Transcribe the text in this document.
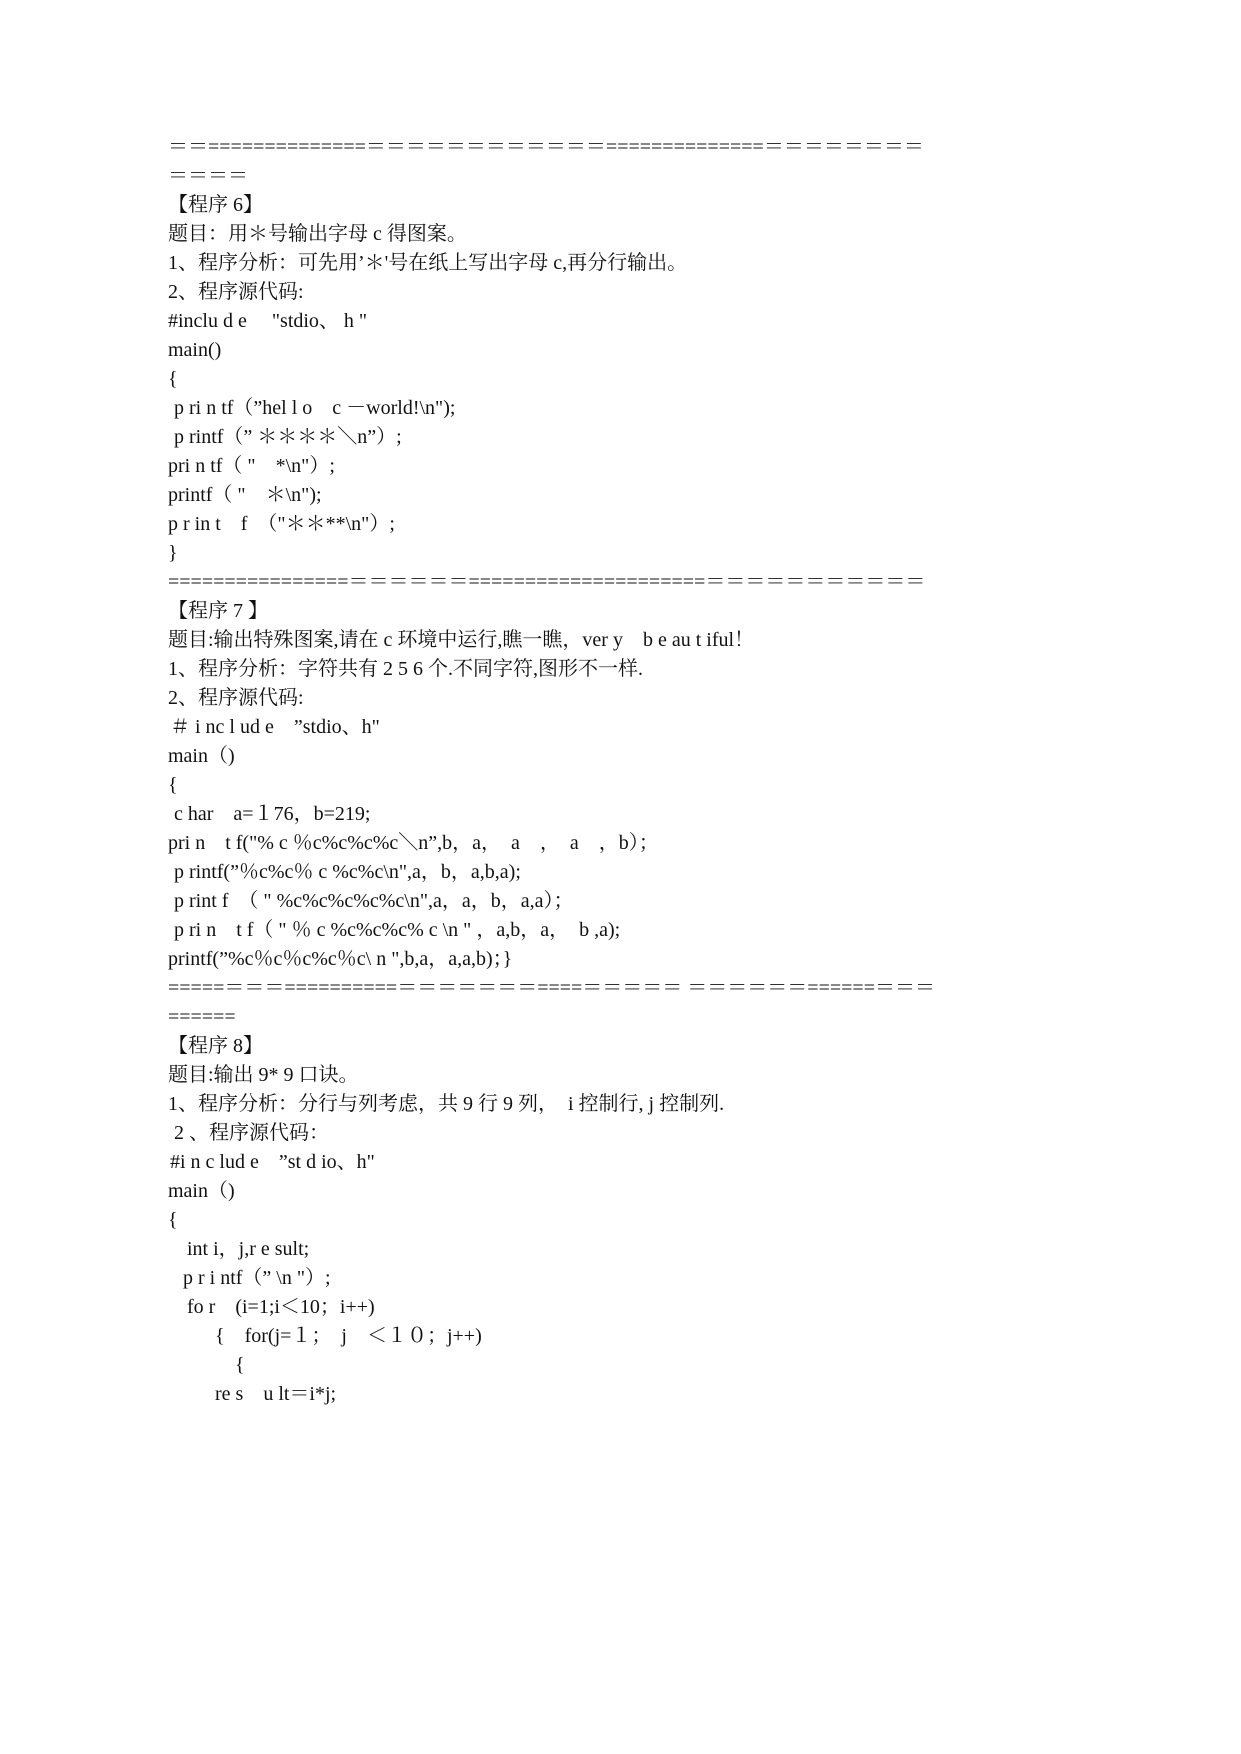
＝＝==============＝＝＝＝＝＝＝＝＝＝＝＝==============＝＝＝＝＝＝＝＝
＝＝＝＝
【程序 6】
题目：用＊号输出字母 c 得图案。
1、程序分析：可先用’＊'号在纸上写出字母 c,再分行输出。
2、程序源代码:
#inclu d e　 "stdio、 h "
main()
{
p ri n tf（”hel l o　c －world!\n");
p rintf（” ＊＊＊＊＼n”）;
pri n tf（ "　*\n"）;
printf（ "　＊\n");
p r in t　f　（"＊＊**\n"）;
}
================＝＝＝＝＝＝=====================＝＝＝＝＝＝＝＝＝＝＝
【程序 7 】
题目:输出特殊图案,请在 c 环境中运行,瞧一瞧，ver y　b e au t iful！
1、程序分析：字符共有 2 5 6 个.不同字符,图形不一样.
2、程序源代码:
＃ i nc l ud e　”stdio、h"
main（)
{
c har　a=１76，b=219;
pri n　t f("% c ％c%c%c%c＼n”,b，a，　a　，　a　，b）；
p rintf(”％c%c％ c %c%c\n",a，b，a,b,a);
p rint f　（ " %c%c%c%c%c\n",a，a，b，a,a）；
p ri n　t f（ " ％ c %c%c%c% c \n " ，a,b，a，　b ,a);
printf(”%c％c％c%c％c\ n ",b,a，a,a,b)；}
=====＝＝＝==========＝＝＝＝＝＝＝====＝＝＝＝＝ ＝＝＝＝＝＝======＝＝＝
======
【程序 8】
题目:输出 9* 9 口诀。
1、程序分析：分行与列考虑，共 9 行 9 列，　i 控制行, j 控制列.
2 、程序源代码：
#i n c lud e　”st d io、h"
main（)
{
int i，j,r e sult;
p r i ntf（” \n "）;
fo r　(i=1;i＜10；i++)
{　for(j=１；　j　＜１０；j++)
{
re s　u lt＝i*j;
